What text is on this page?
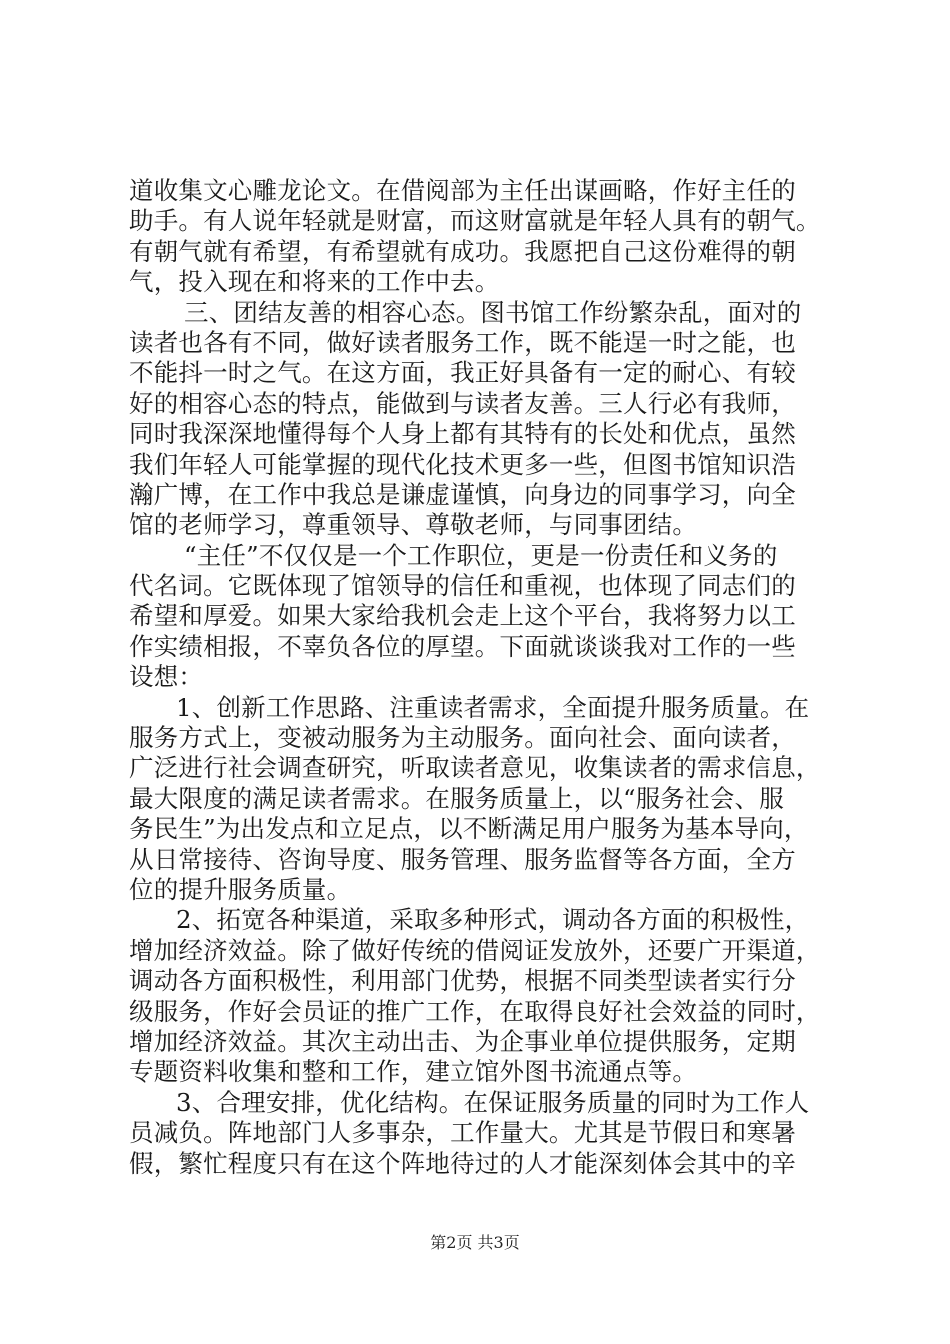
道收集文心雕龙论文。在借阅部为主任出谋画略，作好主任的
助手。有人说年轻就是财富，而这财富就是年轻人具有的朝气。
有朝气就有希望，有希望就有成功。我愿把自己这份难得的朝
气，投入现在和将来的工作中去。
三、团结友善的相容心态。图书馆工作纷繁杂乱，面对的
读者也各有不同，做好读者服务工作，既不能逞一时之能，也
不能抖一时之气。在这方面，我正好具备有一定的耐心、有较
好的相容心态的特点，能做到与读者友善。三人行必有我师，
同时我深深地懂得每个人身上都有其特有的长处和优点，虽然
我们年轻人可能掌握的现代化技术更多一些，但图书馆知识浩
瀚广博，在工作中我总是谦虚谨慎，向身边的同事学习，向全
馆的老师学习，尊重领导、尊敬老师，与同事团结。
“主任”不仅仅是一个工作职位，更是一份责任和义务的
代名词。它既体现了馆领导的信任和重视，也体现了同志们的
希望和厚爱。如果大家给我机会走上这个平台，我将努力以工
作实绩相报，不辜负各位的厚望。下面就谈谈我对工作的一些
设想：
1、创新工作思路、注重读者需求，全面提升服务质量。在
服务方式上，变被动服务为主动服务。面向社会、面向读者，
广泛进行社会调查研究，听取读者意见，收集读者的需求信息，
最大限度的满足读者需求。在服务质量上，以“服务社会、服
务民生”为出发点和立足点，以不断满足用户服务为基本导向，
从日常接待、咨询导度、服务管理、服务监督等各方面，全方
位的提升服务质量。
2、拓宽各种渠道，采取多种形式，调动各方面的积极性，
增加经济效益。除了做好传统的借阅证发放外，还要广开渠道，
调动各方面积极性，利用部门优势，根据不同类型读者实行分
级服务，作好会员证的推广工作，在取得良好社会效益的同时，
增加经济效益。其次主动出击、为企事业单位提供服务，定期
专题资料收集和整和工作，建立馆外图书流通点等。
3、合理安排，优化结构。在保证服务质量的同时为工作人
员减负。阵地部门人多事杂，工作量大。尤其是节假日和寒暑
假，繁忙程度只有在这个阵地待过的人才能深刻体会其中的辛
第2页 共3页
